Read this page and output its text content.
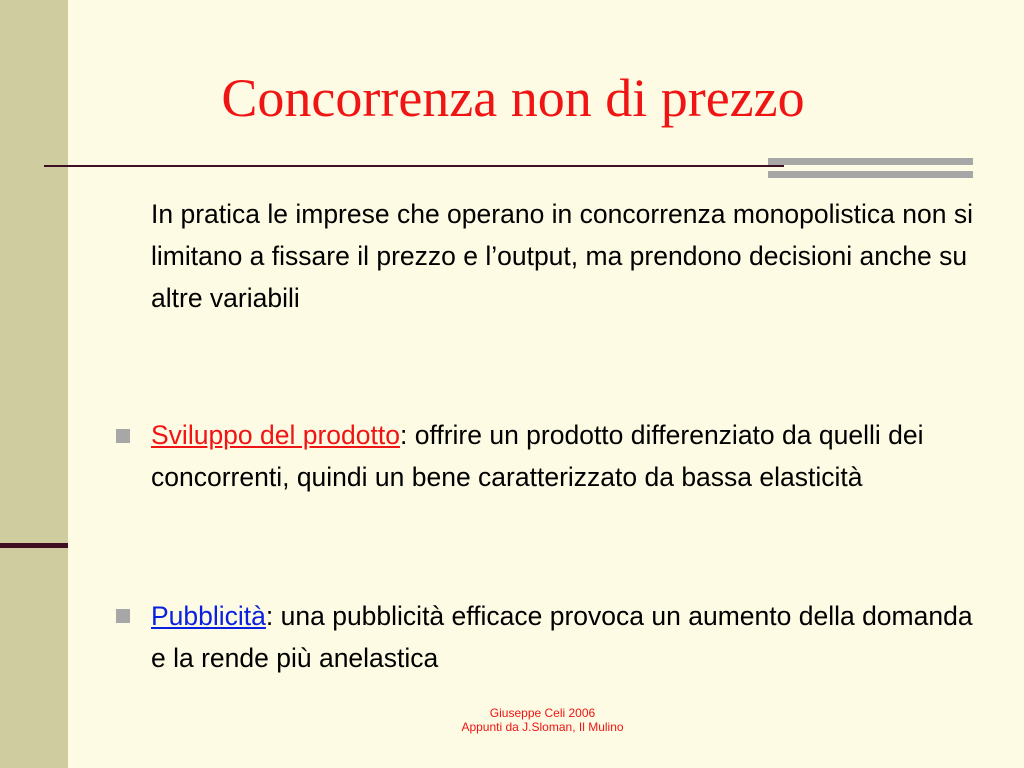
Concorrenza non di prezzo

In pratica le imprese che operano in concorrenza monopolistica non si limitano a fissare il prezzo e l’output, ma prendono decisioni anche su altre variabili

Sviluppo del prodotto: offrire un prodotto differenziato da quelli dei concorrenti, quindi un bene caratterizzato da bassa elasticità

Pubblicità: una pubblicità efficace provoca un aumento della domanda e la rende più anelastica

Giuseppe Celi 2006
Appunti da J.Sloman, Il Mulino
